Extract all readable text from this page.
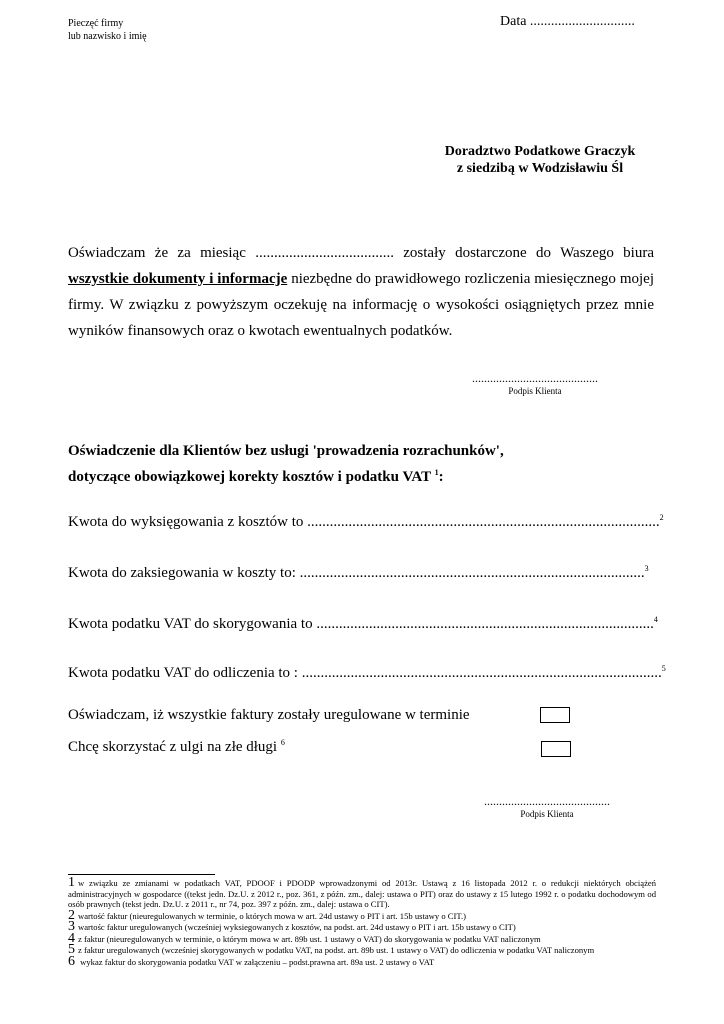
Pieczęć firmy
lub nazwisko i imię
Data ..............................
Doradztwo Podatkowe Graczyk
z siedzibą w Wodzisławiu Śl
Oświadczam że za miesiąc ..................................... zostały dostarczone do Waszego biura wszystkie dokumenty i informacje niezbędne do prawidłowego rozliczenia miesięcznego mojej firmy. W związku z powyższym oczekuję na informację o wysokości osiągniętych przez mnie wyników finansowych oraz o kwotach ewentualnych podatków.
..........................................
Podpis Klienta
Oświadczenie dla Klientów bez usługi 'prowadzenia rozrachunków',
dotyczące obowiązkowej korekty kosztów i podatku VAT $^1$:
Kwota do wyksięgowania z kosztów to ..............................................................................................$^2$
Kwota do zaksiegowania w koszty to: ............................................................................................$^3$
Kwota podatku VAT do skorygowania to ..........................................................................................$^4$
Kwota podatku VAT do odliczenia to : ................................................................................................$^5$
Oświadczam, iż wszystkie faktury zostały uregulowane w terminie
Chcę skorzystać z ulgi na złe długi $^6$
..........................................
Podpis Klienta
1 w związku ze zmianami w podatkach VAT, PDOOF i PDODP wprowadzonymi od 2013r. Ustawą z 16 listopada 2012 r. o redukcji niektórych obciążeń administracyjnych w gospodarce ((tekst jedn. Dz.U. z 2012 r., poz. 361, z późn. zm., dalej: ustawa o PIT) oraz do ustawy z 15 lutego 1992 r. o podatku dochodowym od osób prawnych (tekst jedn. Dz.U. z 2011 r., nr 74, poz. 397 z późn. zm., dalej: ustawa o CIT).
2 wartość faktur (nieuregulowanych w terminie, o których mowa w art. 24d ustawy o PIT i art. 15b ustawy o CIT.)
3 wartośc faktur uregulowanych (wcześniej wyksiegowanych z kosztów, na podst. art. 24d ustawy o PIT i art. 15b ustawy o CIT)
4 z faktur (nieuregulowanych w terminie, o którym mowa w art. 89b ust. 1 ustawy o VAT) do skorygowania w podatku VAT naliczonym
5 z faktur uregulowanych (wcześniej skorygowanych w podatku VAT, na podst. art. 89b ust. 1 ustawy o VAT) do odliczenia w podatku VAT naliczonym
6 wykaz faktur do skorygowania podatku VAT w załączeniu – podst.prawna art. 89a ust. 2 ustawy o VAT
